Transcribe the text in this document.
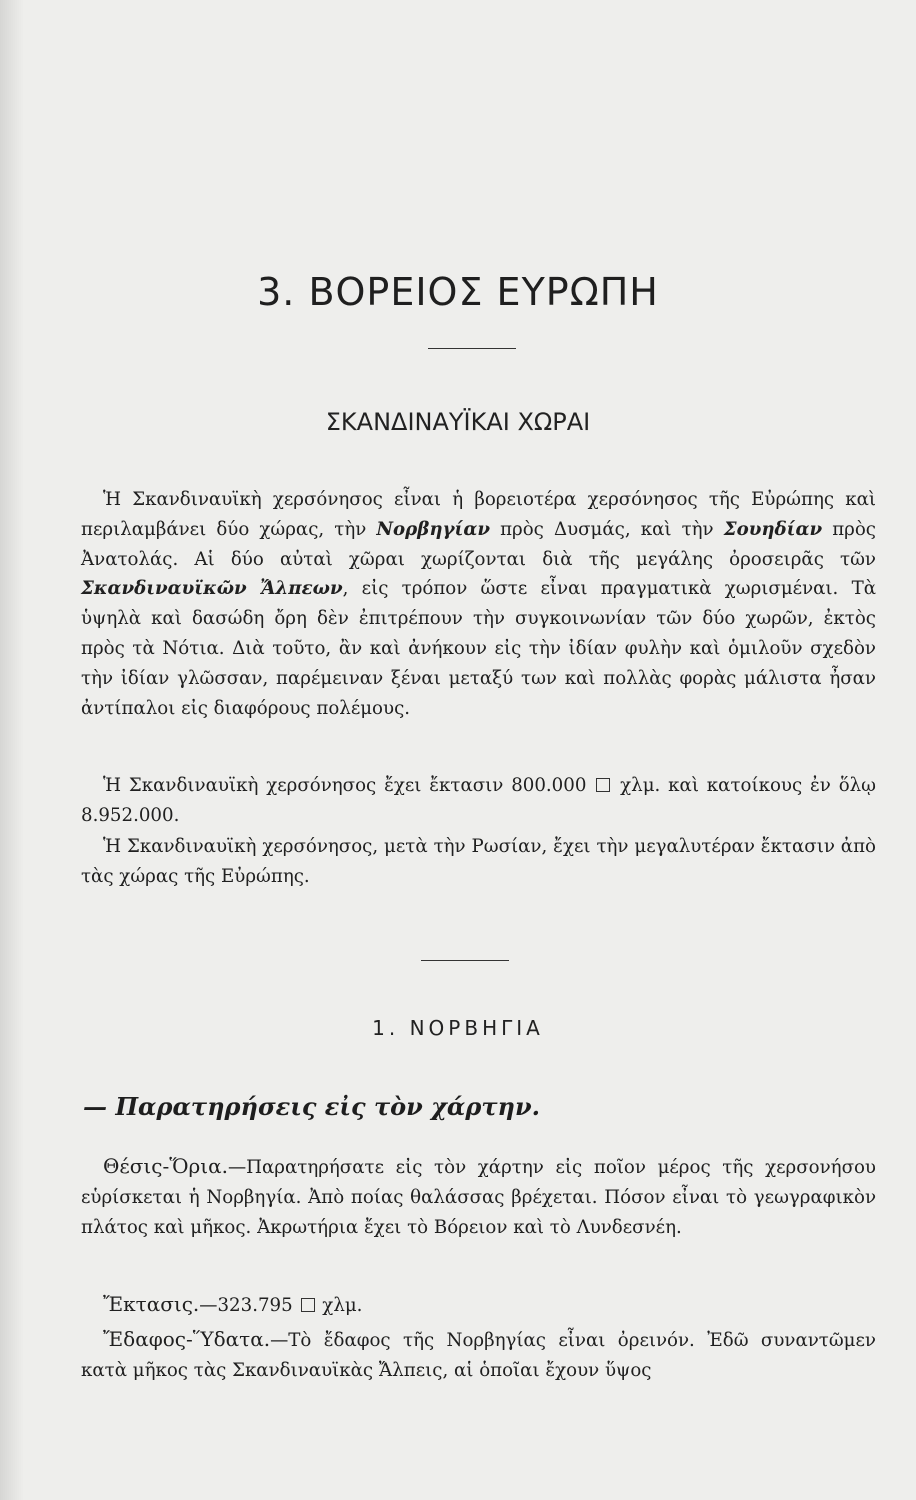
3. ΒΟΡΕΙΟΣ ΕΥΡΩΠΗ
ΣΚΑΝΔΙΝΑΥΪΚΑΙ ΧΩΡΑΙ
Ἡ Σκανδιναυϊκὴ χερσόνησος εἶναι ἡ βορειοτέρα χερσόνησος τῆς Εὐρώπης καὶ περιλαμβάνει δύο χώρας, τὴν Νορβηγίαν πρὸς Δυσμάς, καὶ τὴν Σουηδίαν πρὸς Ἀνατολάς. Αἱ δύο αὐταὶ χῶραι χωρίζονται διὰ τῆς μεγάλης ὀροσειρᾶς τῶν Σκανδιναυϊκῶν Ἄλπεων, εἰς τρόπον ὥστε εἶναι πραγματικὰ χωρισμέναι. Τὰ ὑψηλὰ καὶ δασώδη ὄρη δὲν ἐπιτρέπουν τὴν συγκοινωνίαν τῶν δύο χωρῶν, ἐκτὸς πρὸς τὰ Νότια. Διὰ τοῦτο, ἂν καὶ ἀνήκουν εἰς τὴν ἰδίαν φυλὴν καὶ ὁμιλοῦν σχεδὸν τὴν ἰδίαν γλῶσσαν, παρέμειναν ξέναι μεταξύ των καὶ πολλὰς φορὰς μάλιστα ἦσαν ἀντίπαλοι εἰς διαφόρους πολέμους.
Ἡ Σκανδιναυϊκὴ χερσόνησος ἔχει ἔκτασιν 800.000 χλμ. καὶ κατοίκους ἐν ὅλῳ 8.952.000.
Ἡ Σκανδιναυϊκὴ χερσόνησος, μετὰ τὴν Ρωσίαν, ἔχει τὴν μεγαλυτέραν ἔκτασιν ἀπὸ τὰς χώρας τῆς Εὐρώπης.
1. ΝΟΡΒΗΓΙΑ
— Παρατηρήσεις εἰς τὸν χάρτην.
Θέσις-Ὅρια.—Παρατηρήσατε εἰς τὸν χάρτην εἰς ποῖον μέρος τῆς χερσονήσου εὑρίσκεται ἡ Νορβηγία. Ἀπὸ ποίας θαλάσσας βρέχεται. Πόσον εἶναι τὸ γεωγραφικὸν πλάτος καὶ μῆκος. Ἀκρωτήρια ἔχει τὸ Βόρειον καὶ τὸ Λυνδεσνέη.
Ἔκτασις.—323.795 χλμ.
Ἔδαφος-Ὕδατα.—Τὸ ἔδαφος τῆς Νορβηγίας εἶναι ὀρεινόν. Ἐδῶ συναντῶμεν κατὰ μῆκος τὰς Σκανδιναυϊκὰς Ἄλπεις, αἱ ὁποῖαι ἔχουν ὕψος
